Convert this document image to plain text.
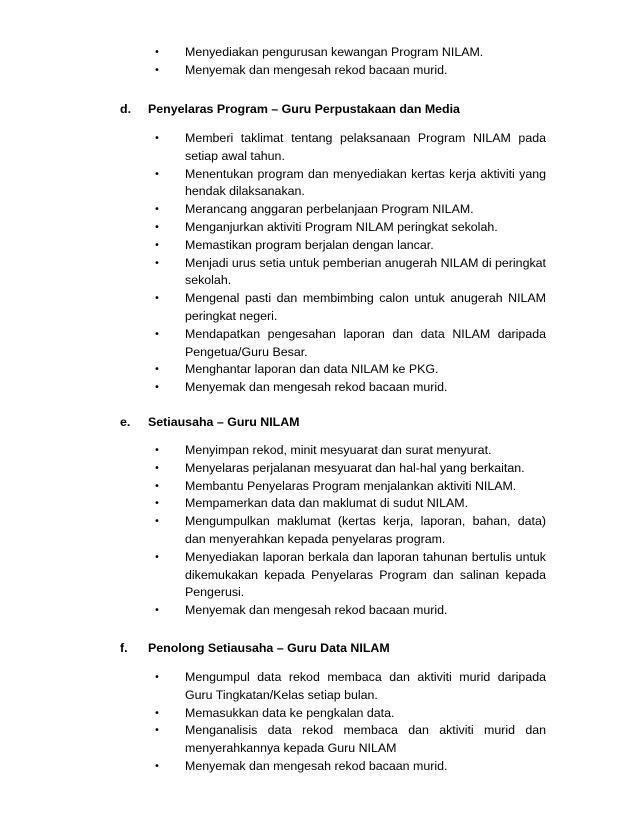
•	Menyediakan pengurusan kewangan Program NILAM.
•	Menyemak dan mengesah rekod bacaan murid.
d. Penyelaras Program – Guru Perpustakaan dan Media
•	Memberi taklimat tentang pelaksanaan Program NILAM pada setiap awal tahun.
•	Menentukan program dan menyediakan kertas kerja aktiviti yang hendak dilaksanakan.
•	Merancang anggaran perbelanjaan Program NILAM.
•	Menganjurkan aktiviti Program NILAM peringkat sekolah.
•	Memastikan program berjalan dengan lancar.
•	Menjadi urus setia untuk pemberian anugerah NILAM di peringkat sekolah.
•	Mengenal pasti dan membimbing calon untuk anugerah NILAM peringkat negeri.
•	Mendapatkan pengesahan laporan dan data NILAM daripada Pengetua/Guru Besar.
•	Menghantar laporan dan data NILAM ke PKG.
•	Menyemak dan mengesah rekod bacaan murid.
e. Setiausaha – Guru NILAM
•	Menyimpan rekod, minit mesyuarat dan surat menyurat.
•	Menyelaras perjalanan mesyuarat dan hal-hal yang berkaitan.
•	Membantu Penyelaras Program menjalankan aktiviti NILAM.
•	Mempamerkan data dan maklumat di sudut NILAM.
•	Mengumpulkan maklumat (kertas kerja, laporan, bahan, data) dan menyerahkan kepada penyelaras program.
•	Menyediakan laporan berkala dan laporan tahunan bertulis untuk dikemukakan kepada Penyelaras Program dan salinan kepada Pengerusi.
•	Menyemak dan mengesah rekod bacaan murid.
f. Penolong Setiausaha – Guru Data NILAM
•	Mengumpul data rekod membaca dan aktiviti murid daripada Guru Tingkatan/Kelas setiap bulan.
•	Memasukkan data ke pengkalan data.
•	Menganalisis data rekod membaca dan aktiviti murid dan menyerahkannya kepada Guru NILAM
•	Menyemak dan mengesah rekod bacaan murid.
